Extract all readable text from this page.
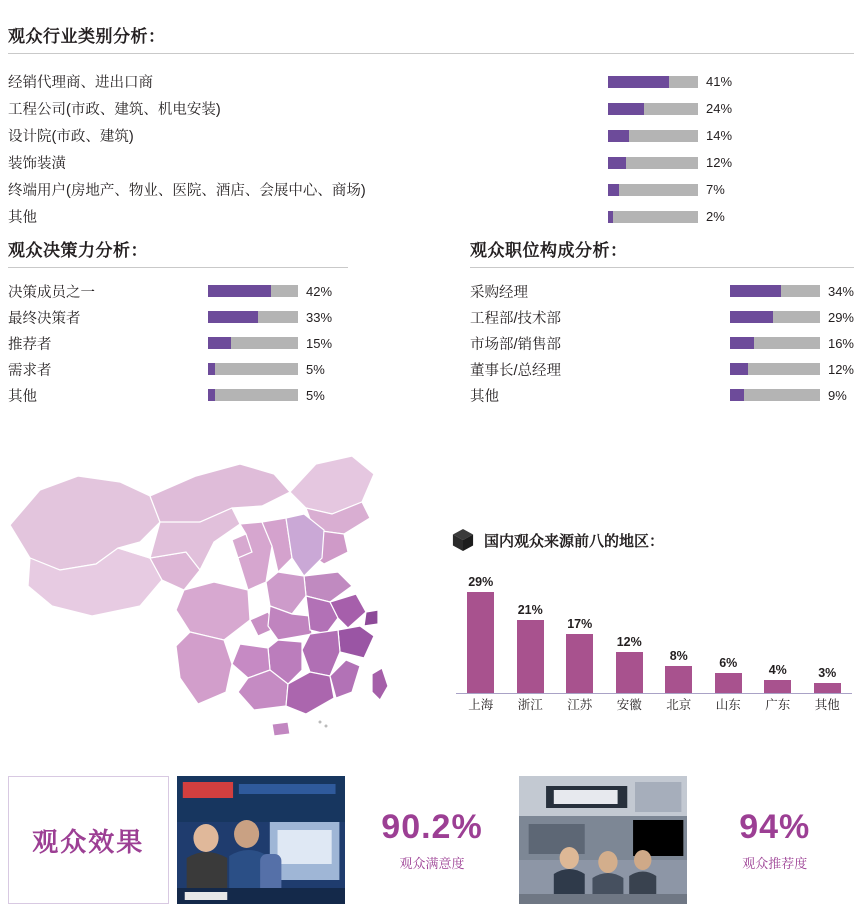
观众行业类别分析：
经销代理商、进出口商	41%
工程公司(市政、建筑、机电安装)	24%
设计院(市政、建筑)	14%
装饰装潢	12%
终端用户(房地产、物业、医院、酒店、会展中心、商场)	7%
其他	2%
观众决策力分析：
决策成员之一	42%
最终决策者	33%
推荐者	15%
需求者	5%
其他	5%
观众职位构成分析：
采购经理	34%
工程部/技术部	29%
市场部/销售部	16%
董事长/总经理	12%
其他	9%
国内观众来源前八的地区：
29%
上海
21%
浙江
17%
江苏
12%
安徽
8%
北京
6%
山东
4%
广东
3%
其他
观众效果	90.2%
观众满意度
94%
观众推荐度
